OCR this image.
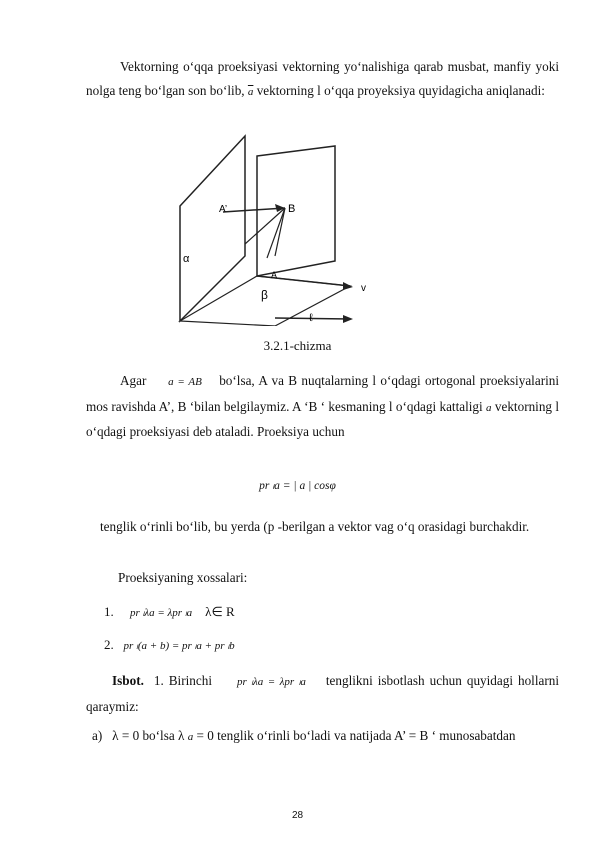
Vektorning o‘qqa proeksiyasi vektorning yo‘nalishiga qarab musbat, manfiy yoki nolga teng bo‘lgan son bo‘lib, $\overline{a}$ vektorning l o‘qqa proyeksiya quyidagicha aniqlanadi:
A’	B
A
α
β
ℓ
v
3.2.1-chizma
Agar a = AB bo‘lsa, A va B nuqtalarning l o‘qdagi ortogonal proeksiyalarini mos ravishda A’, B ‘bilan belgilaymiz. A ‘B ‘ kesmaning l o‘qdagi kattaligi a vektorning l o‘qdagi proeksiyasi deb ataladi. Proeksiya uchun
pr ₗa = | a | cosφ
tenglik o‘rinli bo‘lib, bu yerda (p -berilgan a vektor vag o‘q orasidagi burchakdir.
Proeksiyaning xossalari:
1. pr ₗλa = λpr ₗa λ∈ R
2. pr ₗ(a + b) = pr ₗa + pr ₗb
Isbot. 1. Birinchi pr ₗλa = λpr ₗa tenglikni isbotlash uchun quyidagi hollarni qaraymiz:
a) λ = 0 bo‘lsa λ a = 0 tenglik o‘rinli bo‘ladi va natijada A’ = B ‘ munosabatdan
28
